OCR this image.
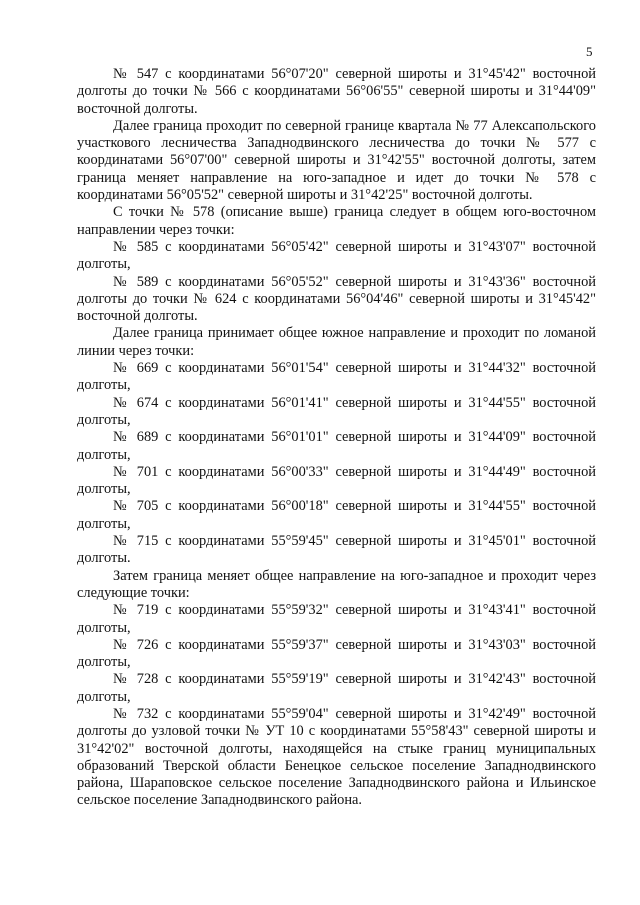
5

№ 547 с координатами 56°07'20" северной широты и 31°45'42" восточной долготы до точки № 566 с координатами 56°06'55" северной широты и 31°44'09" восточной долготы.

Далее граница проходит по северной границе квартала № 77 Алексапольского участкового лесничества Западнодвинского лесничества до точки № 577 с координатами 56°07'00" северной широты и 31°42'55" восточной долготы, затем граница меняет направление на юго-западное и идет до точки № 578 с координатами 56°05'52" северной широты и 31°42'25" восточной долготы.

С точки № 578 (описание выше) граница следует в общем юго-восточном направлении через точки:

№ 585 с координатами 56°05'42" северной широты и 31°43'07" восточной долготы,

№ 589 с координатами 56°05'52" северной широты и 31°43'36" восточной долготы до точки № 624 с координатами 56°04'46" северной широты и 31°45'42" восточной долготы.

Далее граница принимает общее южное направление и проходит по ломаной линии через точки:

№ 669 с координатами 56°01'54" северной широты и 31°44'32" восточной долготы,

№ 674 с координатами 56°01'41" северной широты и 31°44'55" восточной долготы,

№ 689 с координатами 56°01'01" северной широты и 31°44'09" восточной долготы,

№ 701 с координатами 56°00'33" северной широты и 31°44'49" восточной долготы,

№ 705 с координатами 56°00'18" северной широты и 31°44'55" восточной долготы,

№ 715 с координатами 55°59'45" северной широты и 31°45'01" восточной долготы.

Затем граница меняет общее направление на юго-западное и проходит через следующие точки:

№ 719 с координатами 55°59'32" северной широты и 31°43'41" восточной долготы,

№ 726 с координатами 55°59'37" северной широты и 31°43'03" восточной долготы,

№ 728 с координатами 55°59'19" северной широты и 31°42'43" восточной долготы,

№ 732 с координатами 55°59'04" северной широты и 31°42'49" восточной долготы до узловой точки № УТ 10 с координатами 55°58'43" северной широты и 31°42'02" восточной долготы, находящейся на стыке границ муниципальных образований Тверской области Бенецкое сельское поселение Западнодвинского района, Шараповское сельское поселение Западнодвинского района и Ильинское сельское поселение Западнодвинского района.
